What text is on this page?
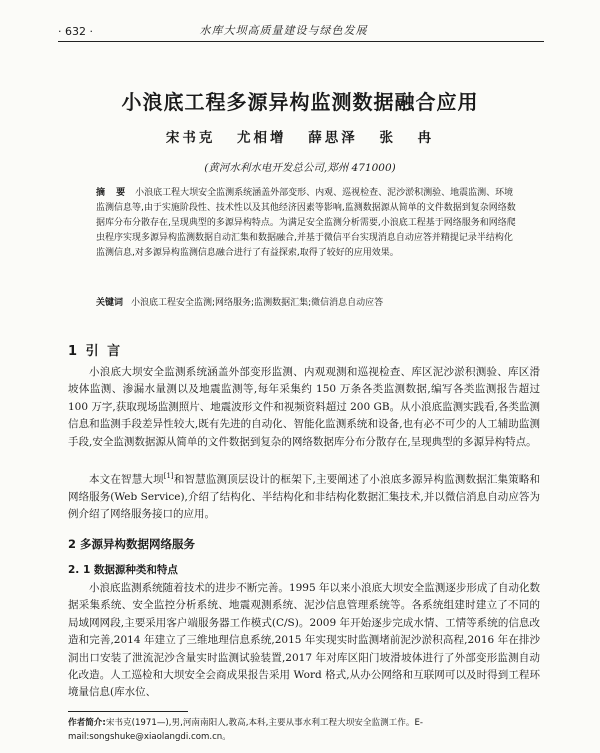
· 632 ·	水库大坝高质量建设与绿色发展
小浪底工程多源异构监测数据融合应用
宋书克 尤相增 薛思泽 张 冉
(黄河水利水电开发总公司,郑州 471000)
摘 要 小浪底工程大坝安全监测系统涵盖外部变形、内观、巡视检查、泥沙淤积测验、地震监测、环境监测信息等,由于实施阶段性、技术性以及其他经济因素等影响,监测数据源从简单的文件数据到复杂网络数据库分布分散存在,呈现典型的多源异构特点。为满足安全监测分析需要,小浪底工程基于网络服务和网络爬虫程序实现多源异构监测数据自动汇集和数据融合,并基于微信平台实现消息自动应答并精提记录半结构化监测信息,对多源异构监测信息融合进行了有益探索,取得了较好的应用效果。
关键词 小浪底工程安全监测;网络服务;监测数据汇集;微信消息自动应答
1 引 言

小浪底大坝安全监测系统涵盖外部变形监测、内观观测和巡视检查、库区泥沙淤积测验、库区滑坡体监测、渗漏水量测以及地震监测等,每年采集约 150 万条各类监测数据,编写各类监测报告超过 100 万字,获取现场监测照片、地震波形文件和视频资料超过 200 GB。从小浪底监测实践看,各类监测信息和监测手段差异性较大,既有先进的自动化、智能化监测系统和设备,也有必不可少的人工辅助监测手段,安全监测数据源从简单的文件数据到复杂的网络数据库分布分散存在,呈现典型的多源异构特点。

本文在智慧大坝[1]和智慧监测顶层设计的框架下,主要阐述了小浪底多源异构监测数据汇集策略和网络服务(Web Service),介绍了结构化、半结构化和非结构化数据汇集技术,并以微信消息自动应答为例介绍了网络服务接口的应用。

2 多源异构数据网络服务
2. 1 数据源种类和特点

小浪底监测系统随着技术的进步不断完善。1995 年以来小浪底大坝安全监测逐步形成了自动化数据采集系统、安全监控分析系统、地震观测系统、泥沙信息管理系统等。各系统组建时建立了不同的局域网网段,主要采用客户端服务器工作模式(C/S)。2009 年开始逐步完成水情、工情等系统的信息改造和完善,2014 年建立了三维地理信息系统,2015 年实现实时监测堵前泥沙淤积高程,2016 年在排沙洞出口安装了泄流泥沙含量实时监测试验装置,2017 年对库区阳门坡滑坡体进行了外部变形监测自动化改造。人工巡检和大坝安全会商成果报告采用 Word 格式,从办公网络和互联网可以及时得到工程环境量信息(库水位、

作者简介:宋书克(1971—),男,河南南阳人,教高,本科,主要从事水利工程大坝安全监测工作。E-mail:songshuke@xiaolangdi.com.cn。
